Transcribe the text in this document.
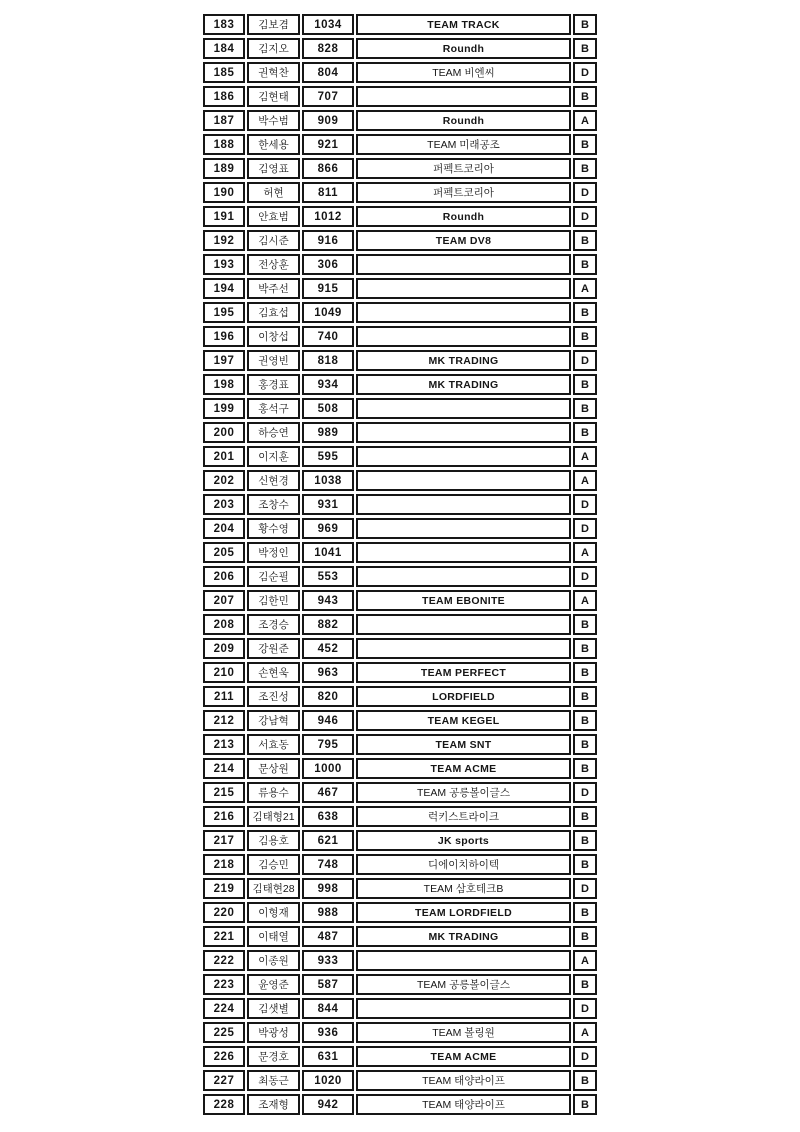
183	김보겸	1034	TEAM TRACK	B
184	김지오	828	Roundh	B
185	권혁찬	804	TEAM 비엔씨	D
186	김현태	707		B
187	박수범	909	Roundh	A
188	한세용	921	TEAM 미래공조	B
189	김영표	866	퍼펙트코리아	B
190	허현	811	퍼펙트코리아	D
191	안효범	1012	Roundh	D
192	김시준	916	TEAM DV8	B
193	전상훈	306		B
194	박주선	915		A
195	김효섭	1049		B
196	이창섭	740		B
197	권영빈	818	MK TRADING	D
198	홍경표	934	MK TRADING	B
199	홍석구	508		B
200	하승연	989		B
201	이지훈	595		A
202	신현경	1038		A
203	조창수	931		D
204	황수영	969		D
205	박정인	1041		A
206	김순필	553		D
207	김한민	943	TEAM EBONITE	A
208	조경승	882		B
209	강원준	452		B
210	손현욱	963	TEAM PERFECT	B
211	조진성	820	LORDFIELD	B
212	강남혁	946	TEAM KEGEL	B
213	서효동	795	TEAM SNT	B
214	문상원	1000	TEAM ACME	B
215	류용수	467	TEAM 공릉볼이글스	D
216	김태형21	638	럭키스트라이크	B
217	김용호	621	JK sports	B
218	김승민	748	디에이치하이텍	B
219	김태현28	998	TEAM 삼호테크B	D
220	이형재	988	TEAM LORDFIELD	B
221	이태열	487	MK TRADING	B
222	이종원	933		A
223	윤영준	587	TEAM 공릉볼이글스	B
224	김샛별	844		D
225	박광성	936	TEAM 볼링원	A
226	문경호	631	TEAM ACME	D
227	최동근	1020	TEAM 태양라이프	B
228	조재형	942	TEAM 태양라이프	B
